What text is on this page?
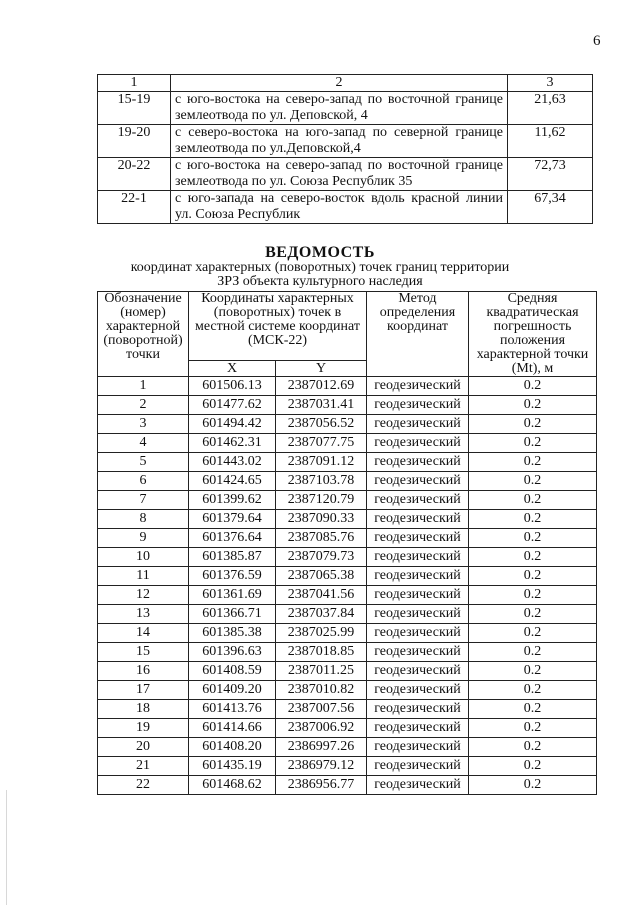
6
1	2	3
15-19	с юго-востока на северо-запад по восточной границе землеотвода по ул. Деповской, 4	21,63
19-20	с северо-востока на юго-запад по северной границе землеотвода по ул.Деповской,4	11,62
20-22	с юго-востока на северо-запад по восточной границе землеотвода по ул. Союза Республик 35	72,73
22-1	с юго-запада на северо-восток вдоль красной линии ул. Союза Республик	67,34
ВЕДОМОСТЬ
координат характерных (поворотных) точек границ территории
ЗРЗ объекта культурного наследия
Обозначение (номер) характерной (поворотной) точки	Координаты характерных (поворотных) точек в местной системе координат (МСК-22)		Метод определения координат	Средняя квадратическая погрешность положения характерной точки (Mt), м
	X	Y		
1	601506.13	2387012.69	геодезический	0.2
2	601477.62	2387031.41	геодезический	0.2
3	601494.42	2387056.52	геодезический	0.2
4	601462.31	2387077.75	геодезический	0.2
5	601443.02	2387091.12	геодезический	0.2
6	601424.65	2387103.78	геодезический	0.2
7	601399.62	2387120.79	геодезический	0.2
8	601379.64	2387090.33	геодезический	0.2
9	601376.64	2387085.76	геодезический	0.2
10	601385.87	2387079.73	геодезический	0.2
11	601376.59	2387065.38	геодезический	0.2
12	601361.69	2387041.56	геодезический	0.2
13	601366.71	2387037.84	геодезический	0.2
14	601385.38	2387025.99	геодезический	0.2
15	601396.63	2387018.85	геодезический	0.2
16	601408.59	2387011.25	геодезический	0.2
17	601409.20	2387010.82	геодезический	0.2
18	601413.76	2387007.56	геодезический	0.2
19	601414.66	2387006.92	геодезический	0.2
20	601408.20	2386997.26	геодезический	0.2
21	601435.19	2386979.12	геодезический	0.2
22	601468.62	2386956.77	геодезический	0.2
